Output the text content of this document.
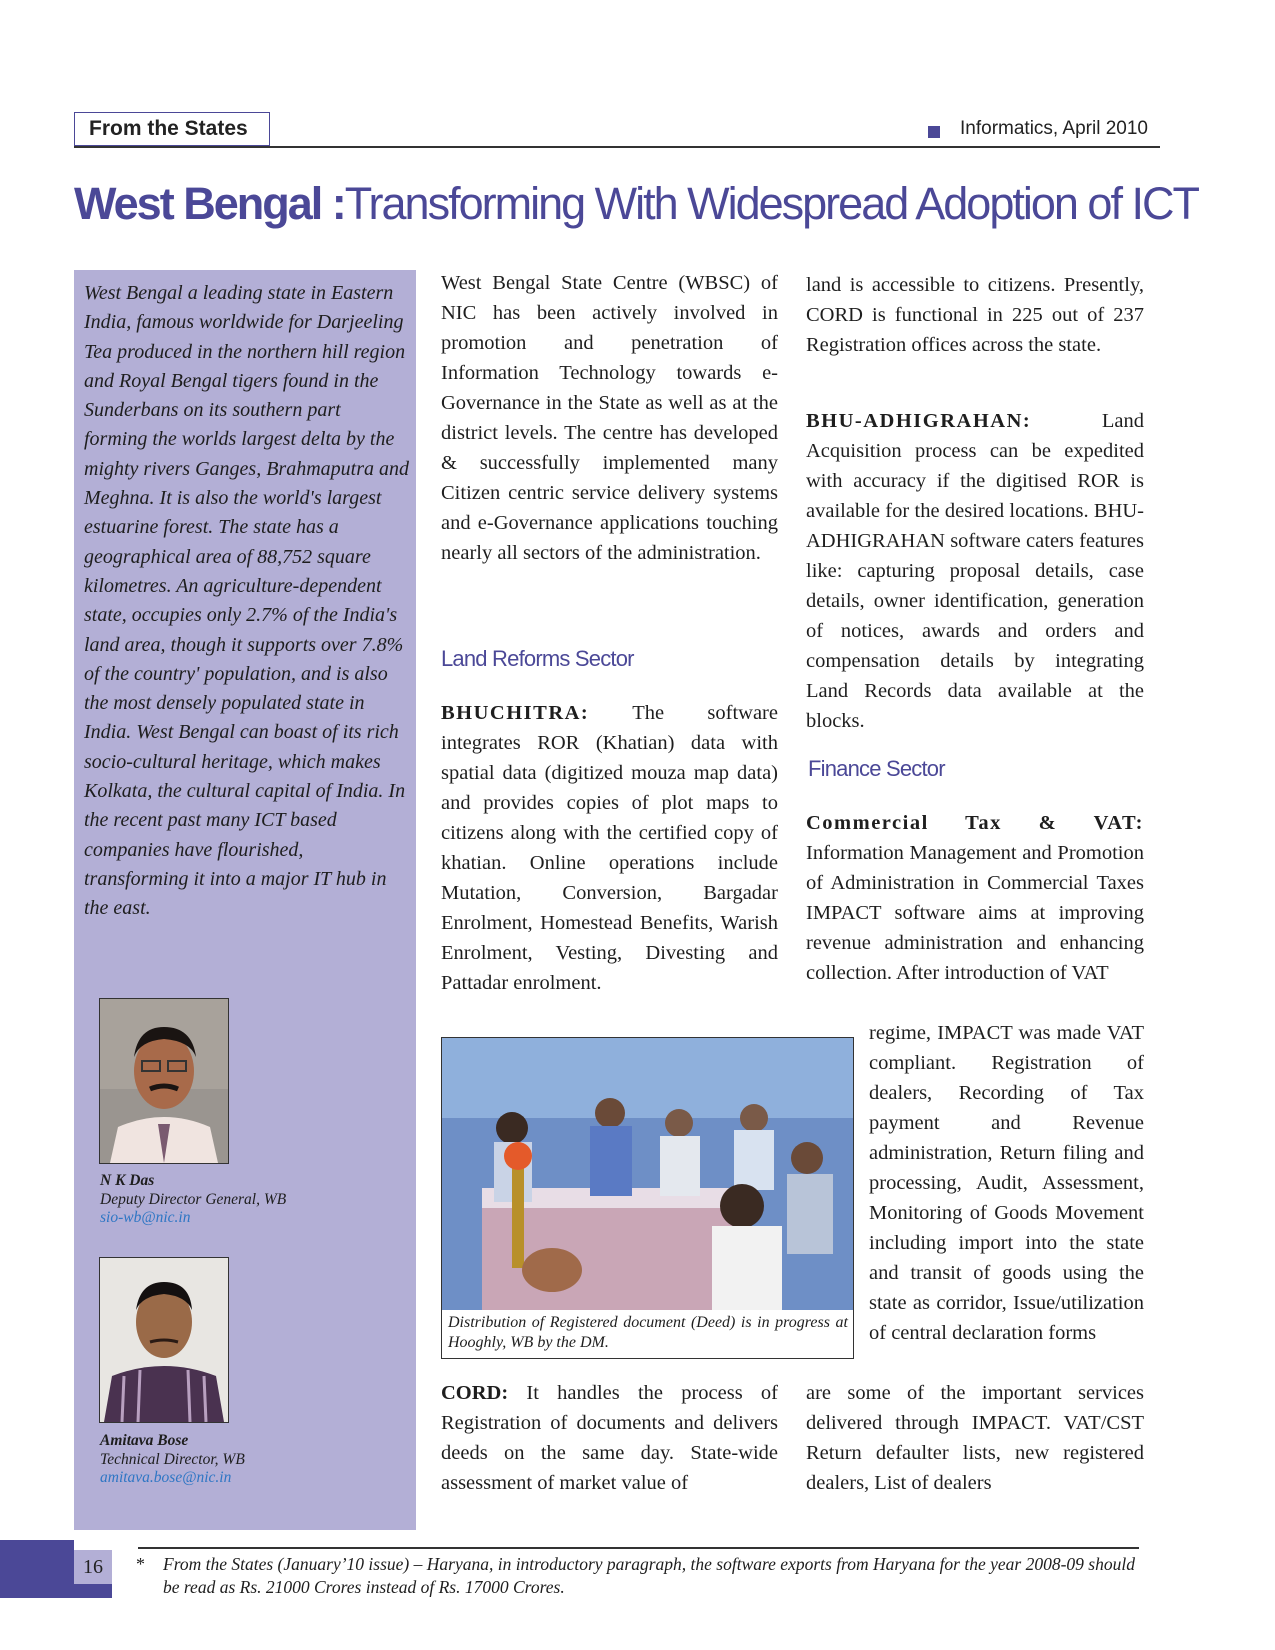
From the States	Informatics, April 2010
West Bengal :Transforming With Widespread Adoption of ICT
West Bengal a leading state in Eastern India, famous worldwide for Darjeeling Tea produced in the northern hill region and Royal Bengal tigers found in the Sunderbans on its southern part forming the worlds largest delta by the mighty rivers Ganges, Brahmaputra and Meghna. It is also the world's largest estuarine forest. The state has a geographical area of 88,752 square kilometres. An agriculture-dependent state, occupies only 2.7% of the India's land area, though it supports over 7.8% of the country' population, and is also the most densely populated state in India. West Bengal can boast of its rich socio-cultural heritage, which makes Kolkata, the cultural capital of India. In the recent past many ICT based companies have flourished, transforming it into a major IT hub in the east.
N K Das
Deputy Director General, WB
sio-wb@nic.in
Amitava Bose
Technical Director, WB
amitava.bose@nic.in

West Bengal State Centre (WBSC) of NIC has been actively involved in promotion and penetration of Information Technology towards e-Governance in the State as well as at the district levels. The centre has developed & successfully implemented many Citizen centric service delivery systems and e-Governance applications touching nearly all sectors of the administration.

Land Reforms Sector

BHUCHITRA: The software integrates ROR (Khatian) data with spatial data (digitized mouza map data) and provides copies of plot maps to citizens along with the certified copy of khatian. Online operations include Mutation, Conversion, Bargadar Enrolment, Homestead Benefits, Warish Enrolment, Vesting, Divesting and Pattadar enrolment.

Distribution of Registered document (Deed) is in progress at Hooghly, WB by the DM.

CORD: It handles the process of Registration of documents and delivers deeds on the same day. State-wide assessment of market value of

land is accessible to citizens. Presently, CORD is functional in 225 out of 237 Registration offices across the state.

BHU-ADHIGRAHAN: Land Acquisition process can be expedited with accuracy if the digitised ROR is available for the desired locations. BHU-ADHIGRAHAN software caters features like: capturing proposal details, case details, owner identification, generation of notices, awards and orders and compensation details by integrating Land Records data available at the blocks.

Finance Sector

Commercial Tax & VAT: Information Management and Promotion of Administration in Commercial Taxes IMPACT software aims at improving revenue administration and enhancing collection. After introduction of VAT

regime, IMPACT was made VAT compliant. Registration of dealers, Recording of Tax payment and Revenue administration, Return filing and processing, Audit, Assessment, Monitoring of Goods Movement including import into the state and transit of goods using the state as corridor, Issue/utilization of central declaration forms

are some of the important services delivered through IMPACT. VAT/CST Return defaulter lists, new registered dealers, List of dealers

16	* From the States (January’10 issue) – Haryana, in introductory paragraph, the software exports from Haryana for the year 2008-09 should be read as Rs. 21000 Crores instead of Rs. 17000 Crores.
